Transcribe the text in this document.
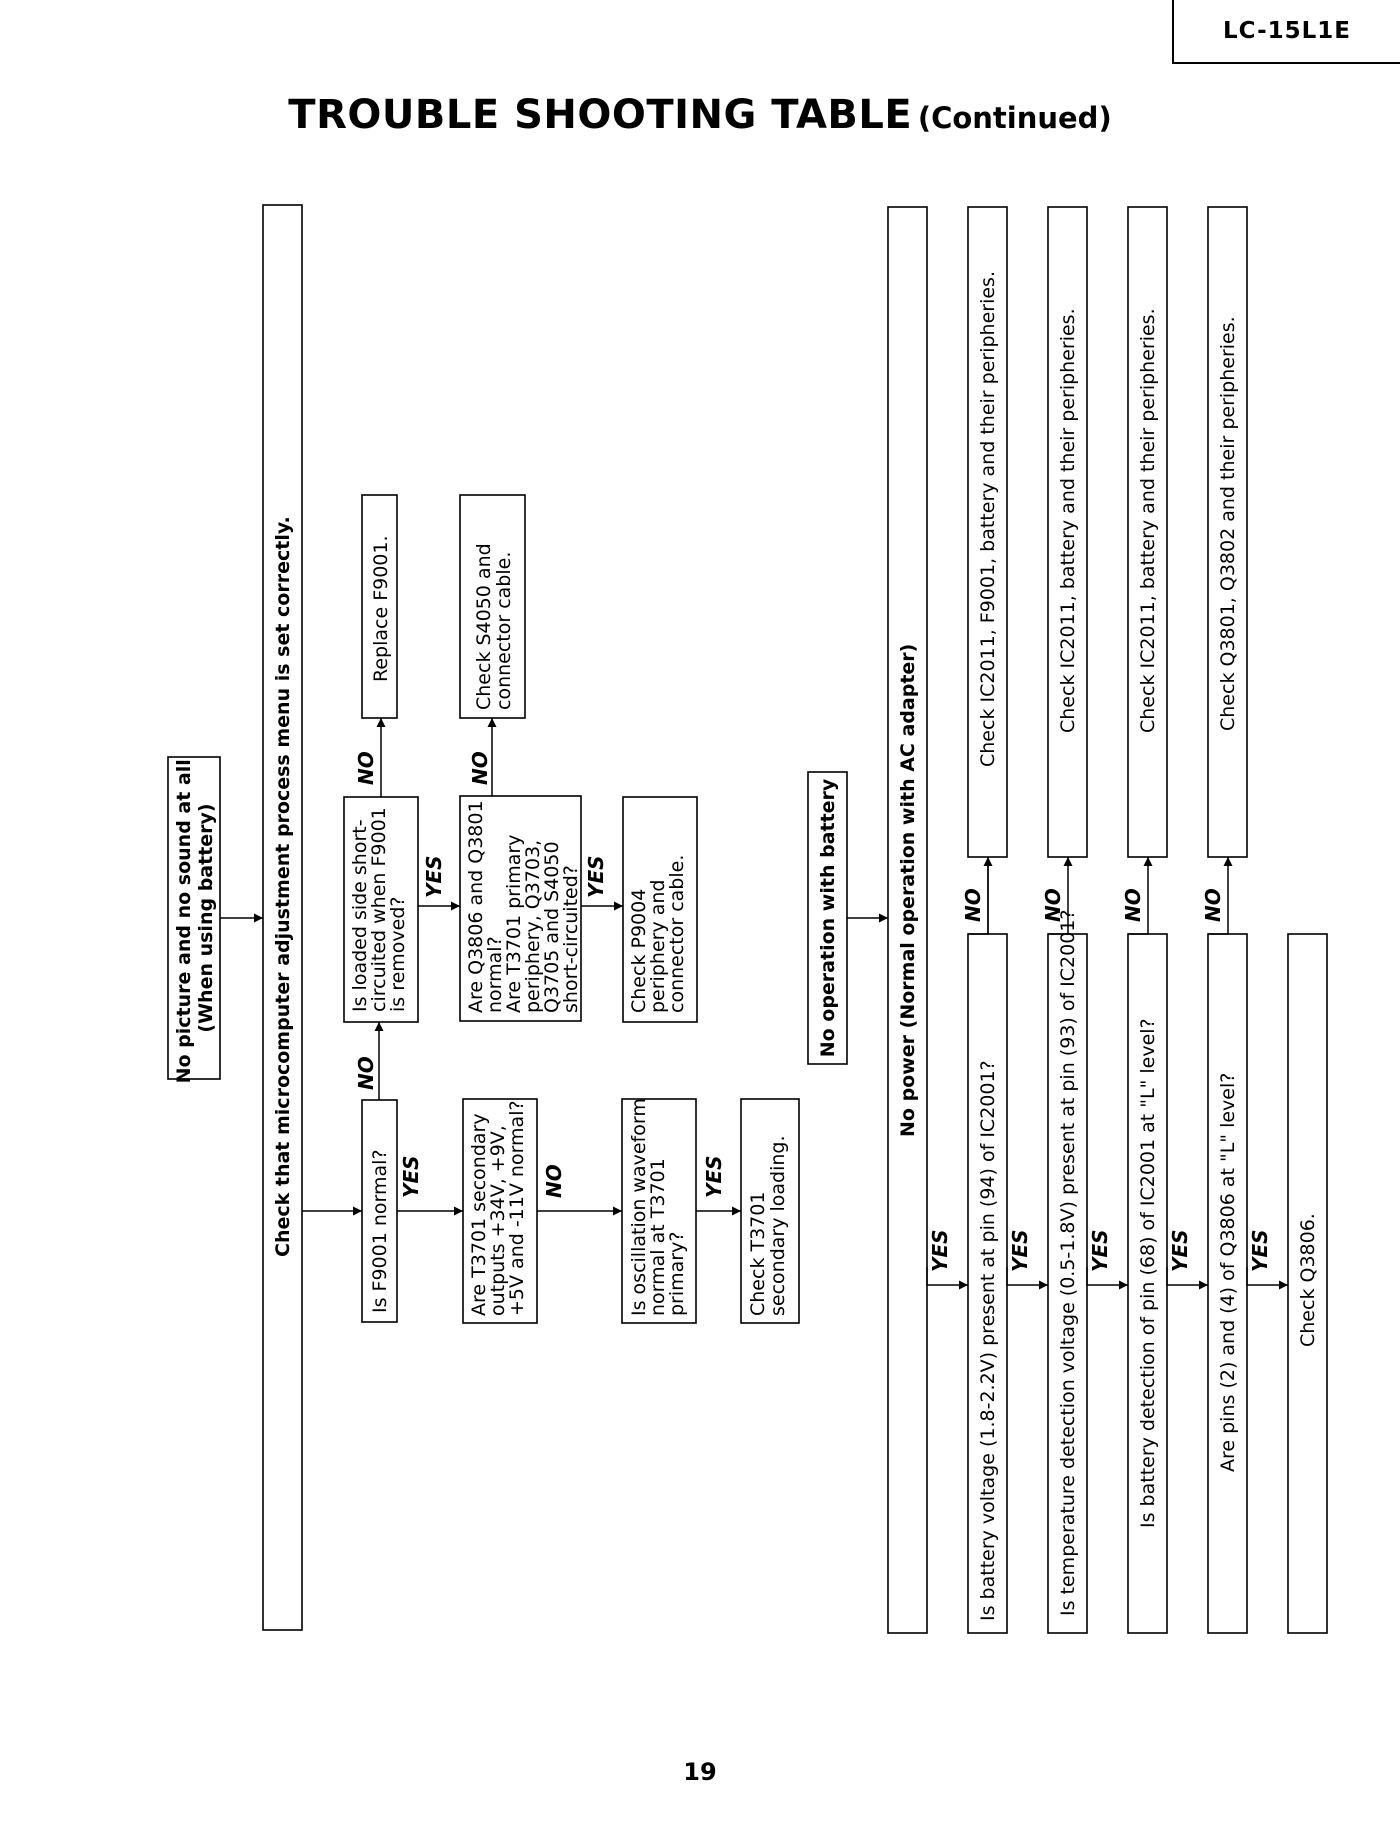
LC-15L1E
TROUBLE SHOOTING TABLE (Continued)
No picture and no sound at all (When using battery)	Check that microcomputer adjustment process menu is set correctly.	Is F9001 normal?
NO
YES
Is loaded side short- circuited when F9001 is removed?
NO
YES
Replace F9001.
Are T3701 secondary outputs +34V, +9V, +5V and -11V normal? NO
Are Q3806 and Q3801 normal? Are T3701 primary periphery, Q3703, Q3705 and S4050 short-circuited?
NO
YES
Check S4050 and connector cable.
Is oscillation waveform normal at T3701 primary?
YES
Check P9004 periphery and connector cable.
Check T3701 secondary loading.
No operation with battery	No power (Normal operation with AC adapter)
YES Is battery voltage (1.8-2.2V) present at pin (94) of IC2001?
NO
YES
Check IC2011, F9001, battery and their peripheries.
Is temperature detection voltage (0.5-1.8V) present at pin (93) of IC2001?
NO
YES
Check IC2011, battery and their peripheries.
Is battery detection of pin (68) of IC2001 at "L" level?
NO
YES
Check IC2011, battery and their peripheries.
Are pins (2) and (4) of Q3806 at "L" level?
NO
YES
Check Q3801, Q3802 and their peripheries.
Check Q3806.
19
